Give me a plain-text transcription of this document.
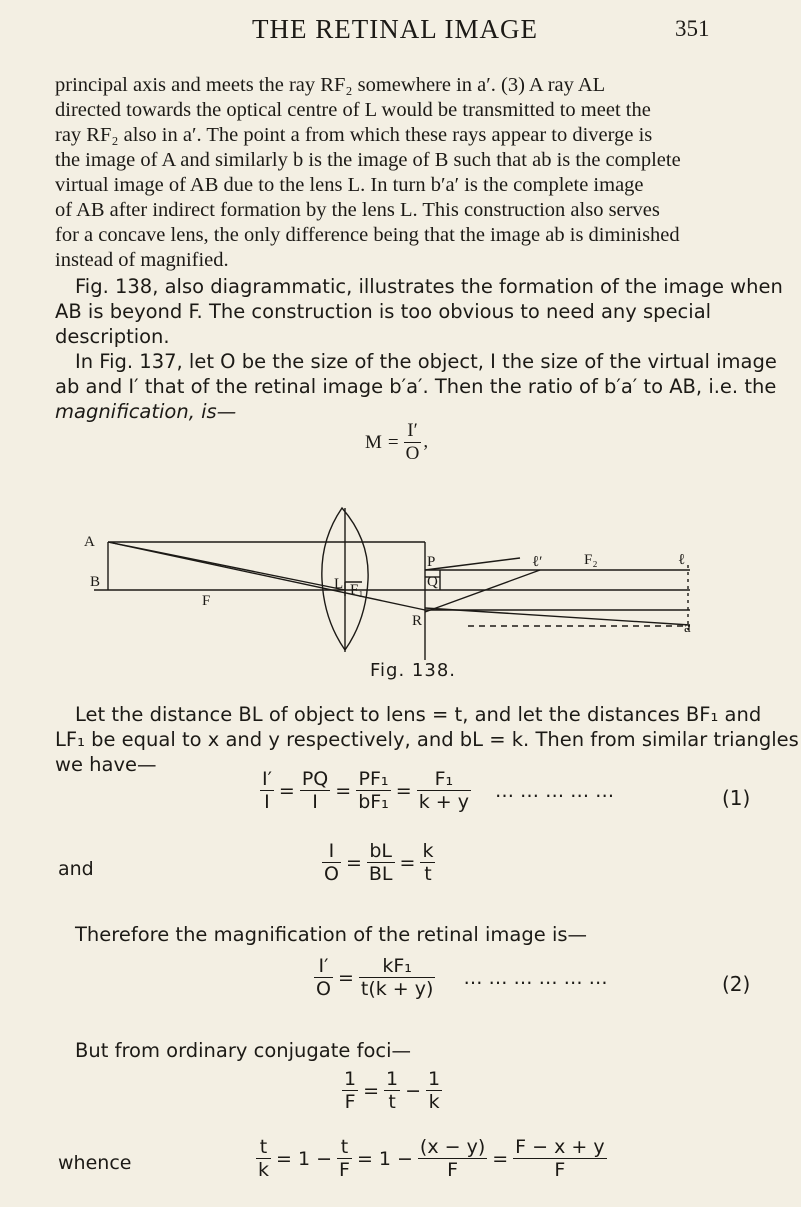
THE RETINAL IMAGE	351
principal axis and meets the ray RF₂ somewhere in a′. (3) A ray AL
directed towards the optical centre of L would be transmitted to meet the
ray RF₂ also in a′. The point a from which these rays appear to diverge is
the image of A and similarly b is the image of B such that ab is the complete
virtual image of AB due to the lens L. In turn b′a′ is the complete image
of AB after indirect formation by the lens L. This construction also serves
for a concave lens, the only difference being that the image ab is diminished
instead of magnified.
Fig. 138, also diagrammatic, illustrates the formation of the image when
AB is beyond F. The construction is too obvious to need any special
description.
In Fig. 137, let O be the size of the object, I the size of the virtual image
ab and I′ that of the retinal image b′a′. Then the ratio of b′a′ to AB, i.e. the
magnification, is—
$M = \frac{I'}{O}$ ,
A
B
F
L F₁
R
P
Q
ℓ′	F₂	ℓ
a
Fig. 138.
Let the distance BL of object to lens = t, and let the distances BF₁ and
LF₁ be equal to x and y respectively, and bL = k. Then from similar triangles
we have—
$\frac{I'}{I} = \frac{PQ}{I} = \frac{\text{PF₁}}{\text{bF₁}} = \frac{\text{F₁}}{k + y}$ … … … … …	(1)
and	$\frac{I}{O} = \frac{bL}{BL} = \frac{k}{t}$
Therefore the magnification of the retinal image is—
$\frac{I'}{O} = \frac{\text{kF₁}}{t(k + y)}$ … … … … … …	(2)
But from ordinary conjugate foci—
$\frac{1}{F} = \frac{1}{t} - \frac{1}{k}$
whence	$\frac{t}{k} = 1 - \frac{t}{F} = 1 - \frac{(x - y)}{F} = \frac{F - x + y}{F}$
